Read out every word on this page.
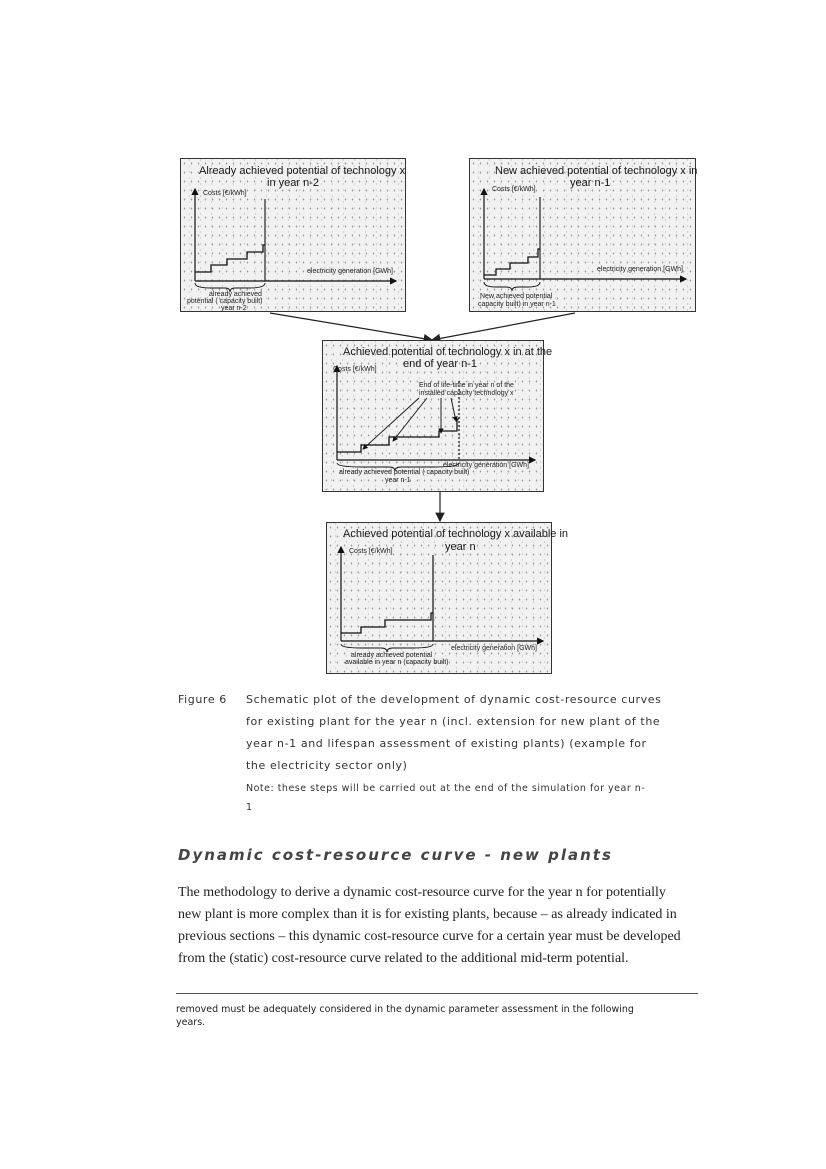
Already achieved potential of technology x
in year n-2
Costs [€/kWh]
electricity generation [GWh]
already achieved
potential ( capacity built)
year n-2
New achieved potential of technology x in
year n-1
Costs [€/kWh]
electricity generation [GWh]
New achieved potential
capacity built) in year n-1
Achieved potential of technology x in at the
end of year n-1
Costs [€/kWh]
electricity generation [GWh]
End of life-time in year n of the
installed capacity technology x
already achieved potential ( capacity built)
year n-1
Achieved potential of technology x available in
year n
Costs [€/kWh]
electricity generation [GWh]
already achieved potential
available in year n (capacity built)
Figure 6 Schematic plot of the development of dynamic cost-resource curves
for existing plant for the year n (incl. extension for new plant of the
year n-1 and lifespan assessment of existing plants) (example for
the electricity sector only)
Note: these steps will be carried out at the end of the simulation for year n-
1
Dynamic cost-resource curve - new plants
The methodology to derive a dynamic cost-resource curve for the year n for potentially
new plant is more complex than it is for existing plants, because – as already indicated in
previous sections – this dynamic cost-resource curve for a certain year must be developed
from the (static) cost-resource curve related to the additional mid-term potential.
removed must be adequately considered in the dynamic parameter assessment in the following
years.
